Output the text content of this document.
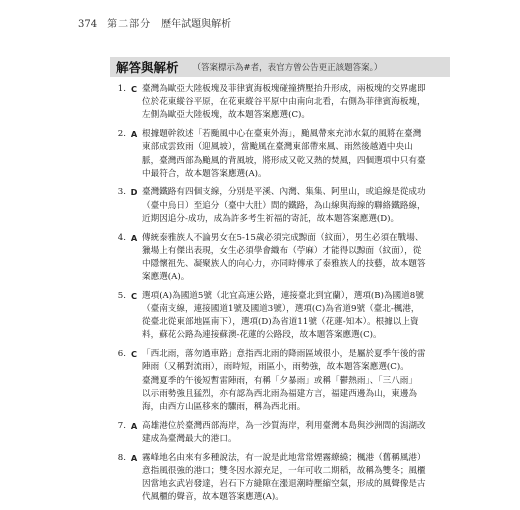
374 第二部分 歷年試題與解析
解答與解析 （答案標示為#者，表官方曾公告更正該題答案。）
1. C 臺灣為歐亞大陸板塊及菲律賓海板塊碰撞擠壓抬升形成，兩板塊的交界處即
位於花東縱谷平原，在花東縱谷平原中由南向北看，右側為菲律賓海板塊，
左側為歐亞大陸板塊，故本題答案應選(C)。
2. A 根據題幹敘述「若颱風中心在臺東外海」，颱風帶來充沛水氣的風將在臺灣
東部成雲致雨（迎風坡），當颱風在臺灣東部帶來風、雨然後越過中央山
脈，臺灣西部為颱風的背風坡，將形成又乾又熱的焚風，四個選項中只有臺
中最符合，故本題答案應選(A)。
3. D 臺灣鐵路有四個支線，分別是平溪、內灣、集集、阿里山，或追線是從成功
（臺中烏日）至追分（臺中大肚）間的鐵路，為山線與海線的聯絡鐵路線，
近期因追分-成功，成為許多考生祈福的寄託，故本題答案應選(D)。
4. A 傳統泰雅族人不論男女在5-15歲必須完成黥面（紋面），男生必須在戰場、
獵場上有傑出表現，女生必須學會織布（苧麻）才能得以黥面（紋面），從
中隱懷祖先、凝聚族人的向心力，亦同時傳承了泰雅族人的技藝，故本題答
案應選(A)。
5. C 選項(A)為國道5號（北宜高速公路，連接臺北到宜蘭），選項(B)為國道8號
（臺南支線，連接國道1號及國道3號），選項(C)為省道9號（臺北-楓港，
從臺北從東部地區南下），選項(D)為省道11號（花蓮-知本）。根據以上資
料，蘇花公路為連接蘇澳-花蓮的公路段，故本題答案應選(C)。
6. C 「西北雨，落勿過車路」意指西北雨的降雨區域很小，是屬於夏季午後的雷
陣雨（又稱對流雨），雨時短，雨區小，雨勢強，故本題答案應選(C)。
臺灣夏季的午後短暫雷陣雨，有稱「夕暴雨」或稱「鬱熱雨」、「三八雨」
以示雨勢強且猛烈，亦有認為西北雨為福建方言，福建西邊為山，東邊為
海，由西方山區移來的驟雨，稱為西北雨。
7. A 高雄港位於臺灣西部海岸，為一沙質海岸，利用臺灣本島與沙洲間的潟湖改
建成為臺灣最大的港口。
8. A 霧峰地名由來有多種說法，有一說是此地常常煙霧繚繞；楓港（舊稱風港）
意指風很強的港口；雙冬因水源充足，一年可收二期稻，故稱為雙冬；風櫃
因當地玄武岩發達，岩石下方縫隙在漲退潮時壓縮空氣，形成的風聲像是古
代風櫃的聲音，故本題答案應選(A)。
